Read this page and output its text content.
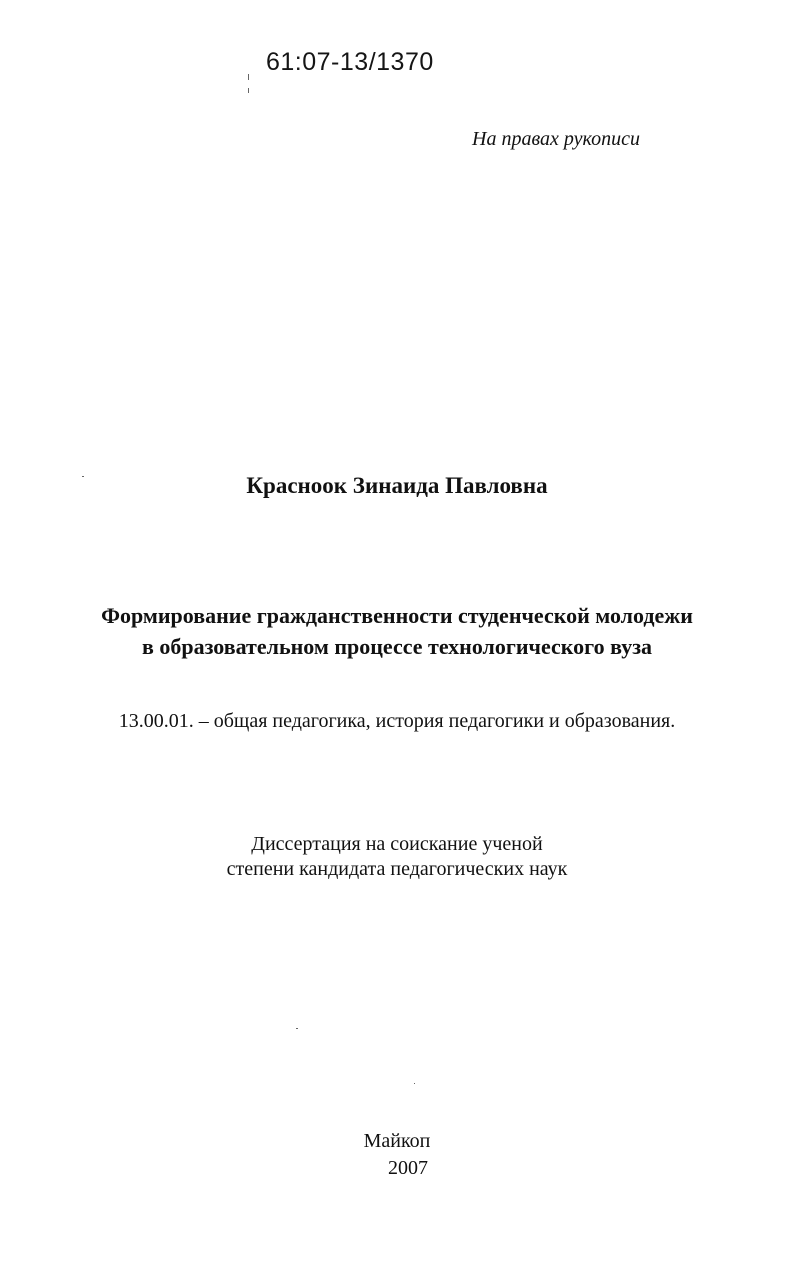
61:07-13/1370
На правах рукописи
Красноок Зинаида Павловна
Формирование гражданственности студенческой молодежи
в образовательном процессе технологического вуза
13.00.01. – общая педагогика, история педагогики и образования.
Диссертация на соискание ученой
степени кандидата педагогических наук
Майкоп
2007
